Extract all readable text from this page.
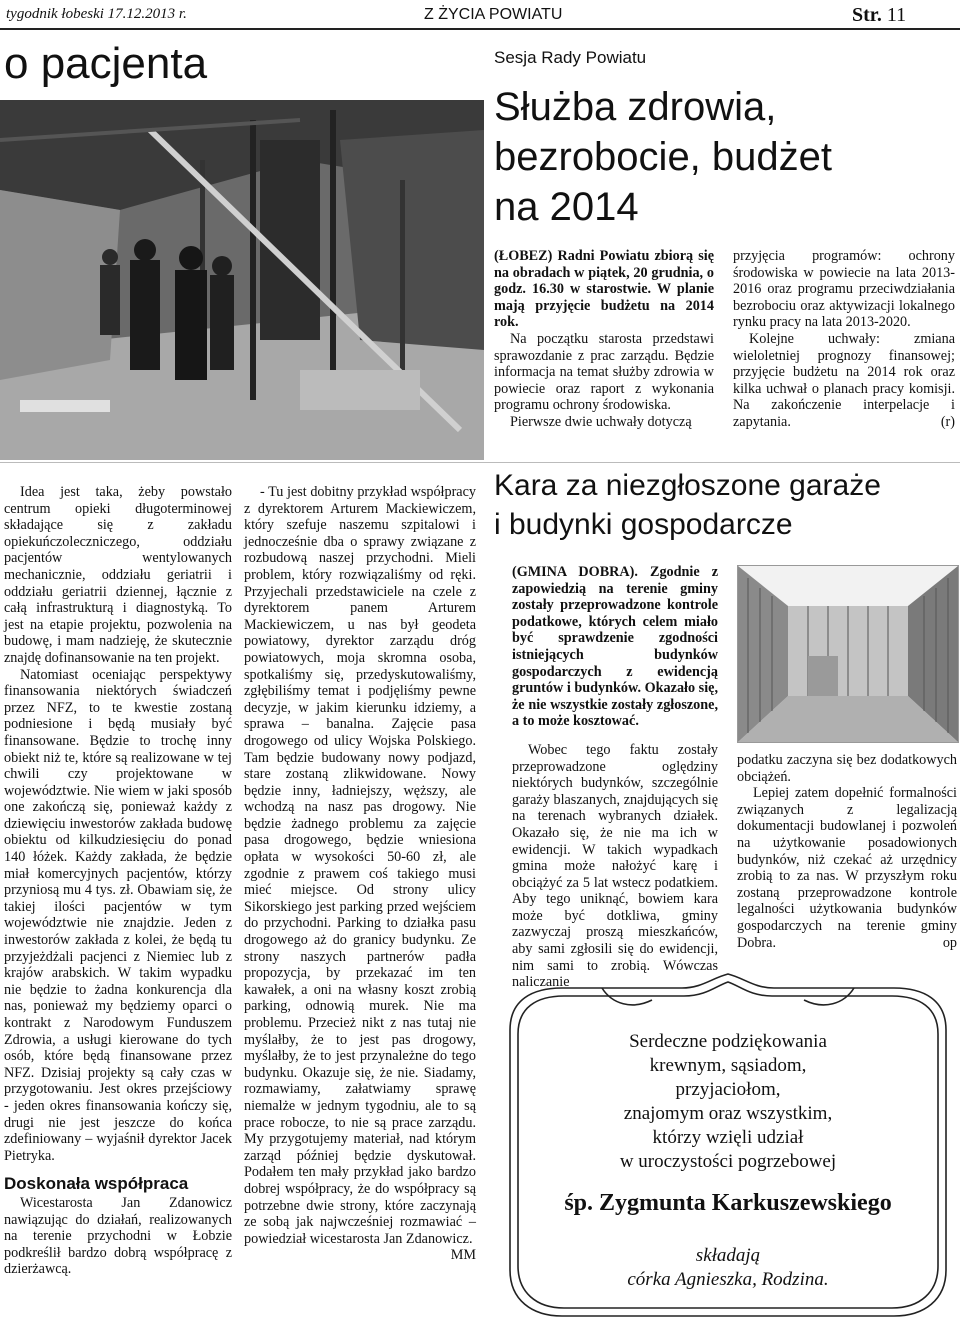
tygodnik łobeski 17.12.2013 r.	Z ŻYCIA POWIATU	Str. 11
o pacjenta	Sesja Rady Powiatu
Służba zdrowia,
bezrobocie, budżet
na 2014

(ŁOBEZ) Radni Powiatu zbiorą się na obradach w piątek, 20 grudnia, o godz. 16.30 w starostwie. W planie mają przyjęcie budżetu na 2014 rok.

Na początku starosta przedstawi sprawozdanie z prac zarządu. Będzie informacja na temat służby zdrowia w powiecie oraz raport z wykonania programu ochrony środowiska.

Pierwsze dwie uchwały dotyczą

przyjęcia programów: ochrony środowiska w powiecie na lata 2013-2016 oraz programu przeciwdziałania bezrobociu oraz aktywizacji lokalnego rynku pracy na lata 2013-2020.

Kolejne uchwały: zmiana wieloletniej prognozy finansowej; przyjęcie budżetu na 2014 rok oraz kilka uchwał o planach pracy komisji. Na zakończenie interpelacje i zapytania.	(r)

Idea jest taka, żeby powstało centrum opieki długoterminowej składające się z zakładu opiekuńczoleczniczego, oddziału pacjentów wentylowanych mechanicznie, oddziału geriatrii i oddziału geriatrii dziennej, łącznie z całą infrastrukturą i diagnostyką. To jest na etapie projektu, pozwolenia na budowę, i mam nadzieję, że skutecznie znajdę dofinansowanie na ten projekt.

Natomiast oceniając perspektywy finansowania niektórych świadczeń przez NFZ, to te kwestie zostaną podniesione i będą musiały być finansowane. Będzie to trochę inny obiekt niż te, które są realizowane w tej chwili czy projektowane w województwie. Nie wiem w jaki sposób one zakończą się, ponieważ każdy z dziewięciu inwestorów zakłada budowę obiektu od kilkudziesięciu do ponad 140 łóżek. Każdy zakłada, że będzie miał komercyjnych pacjentów, którzy przyniosą mu 4 tys. zł. Obawiam się, że takiej ilości pacjentów w tym województwie nie znajdzie. Jeden z inwestorów zakłada z kolei, że będą tu przyjeżdżali pacjenci z Niemiec lub z krajów arabskich. W takim wypadku nie będzie to żadna konkurencja dla nas, ponieważ my będziemy oparci o kontrakt z Narodowym Funduszem Zdrowia, a usługi kierowane do tych osób, które będą finansowane przez NFZ. Dzisiaj projekty są cały czas w przygotowaniu. Jest okres przejściowy - jeden okres finansowania kończy się, drugi nie jest jeszcze do końca zdefiniowany – wyjaśnił dyrektor Jacek Pietryka.

Doskonała współpraca

Wicestarosta Jan Zdanowicz nawiązując do działań, realizowanych na terenie przychodni w Łobzie podkreślił bardzo dobrą współpracę z dzierżawcą.

- Tu jest dobitny przykład współpracy z dyrektorem Arturem Mackiewiczem, który szefuje naszemu szpitalowi i jednocześnie dba o sprawy związane z rozbudową naszej przychodni. Mieli problem, który rozwiązaliśmy od ręki. Przyjechali przedstawiciele na czele z dyrektorem panem Arturem Mackiewiczem, u nas był geodeta powiatowy, dyrektor zarządu dróg powiatowych, moja skromna osoba, spotkaliśmy się, przedyskutowaliśmy, zgłębiliśmy temat i podjęliśmy pewne decyzje, w jakim kierunku idziemy, a sprawa – banalna. Zajęcie pasa drogowego od ulicy Wojska Polskiego. Tam będzie budowany nowy podjazd, stare zostaną zlikwidowane. Nowy będzie inny, ładniejszy, węższy, ale wchodzą na nasz pas drogowy. Nie będzie żadnego problemu za zajęcie pasa drogowego, będzie wniesiona opłata w wysokości 50-60 zł, ale zgodnie z prawem coś takiego musi mieć miejsce. Od strony ulicy Sikorskiego jest parking przed wejściem do przychodni. Parking to działka pasu drogowego aż do granicy budynku. Ze strony naszych partnerów padła propozycja, by przekazać im ten kawałek, a oni na własny koszt zrobią parking, odnowią murek. Nie ma problemu. Przecież nikt z nas tutaj nie myślałby, że to jest pas drogowy, myślałby, że to jest przynależne do tego budynku. Okazuje się, że nie. Siadamy, rozmawiamy, załatwiamy sprawę niemalże w jednym tygodniu, ale to są prace robocze, to nie są prace zarządu. My przygotujemy materiał, nad którym zarząd później będzie dyskutował. Podałem ten mały przykład jako bardzo dobrej współpracy, że do współpracy są potrzebne dwie strony, które zaczynają ze sobą jak najwcześniej rozmawiać – powiedział wicestarosta Jan Zdanowicz.
MM

Kara za niezgłoszone garaże
i budynki gospodarcze

(GMINA DOBRA). Zgodnie z zapowiedzią na terenie gminy zostały przeprowadzone kontrole podatkowe, których celem miało być sprawdzenie zgodności istniejących budynków gospodarczych z ewidencją gruntów i budynków. Okazało się, że nie wszystkie zostały zgłoszone, a to może kosztować.

Wobec tego faktu zostały przeprowadzone oględziny niektórych budynków, szczególnie garaży blaszanych, znajdujących się na terenach wybranych działek. Okazało się, że nie ma ich w ewidencji. W takich wypadkach gmina może nałożyć karę i obciążyć za 5 lat wstecz podatkiem. Aby tego uniknąć, bowiem kara może być dotkliwa, gminy zazwyczaj proszą mieszkańców, aby sami zgłosili się do ewidencji, nim sami to zrobią. Wówczas naliczanie

podatku zaczyna się bez dodatkowych obciążeń.

Lepiej zatem dopełnić formalności związanych z legalizacją dokumentacji budowlanej i pozwoleń na użytkowanie posadowionych budynków, niż czekać aż urzędnicy zrobią to za nas. W przyszłym roku zostaną przeprowadzone kontrole legalności użytkowania budynków gospodarczych na terenie gminy Dobra.	op

Serdeczne podziękowania
krewnym, sąsiadom,
przyjaciołom,
znajomym oraz wszystkim,
którzy wzięli udział
w uroczystości pogrzebowej
śp. Zygmunta Karkuszewskiego
składają
córka Agnieszka, Rodzina.
